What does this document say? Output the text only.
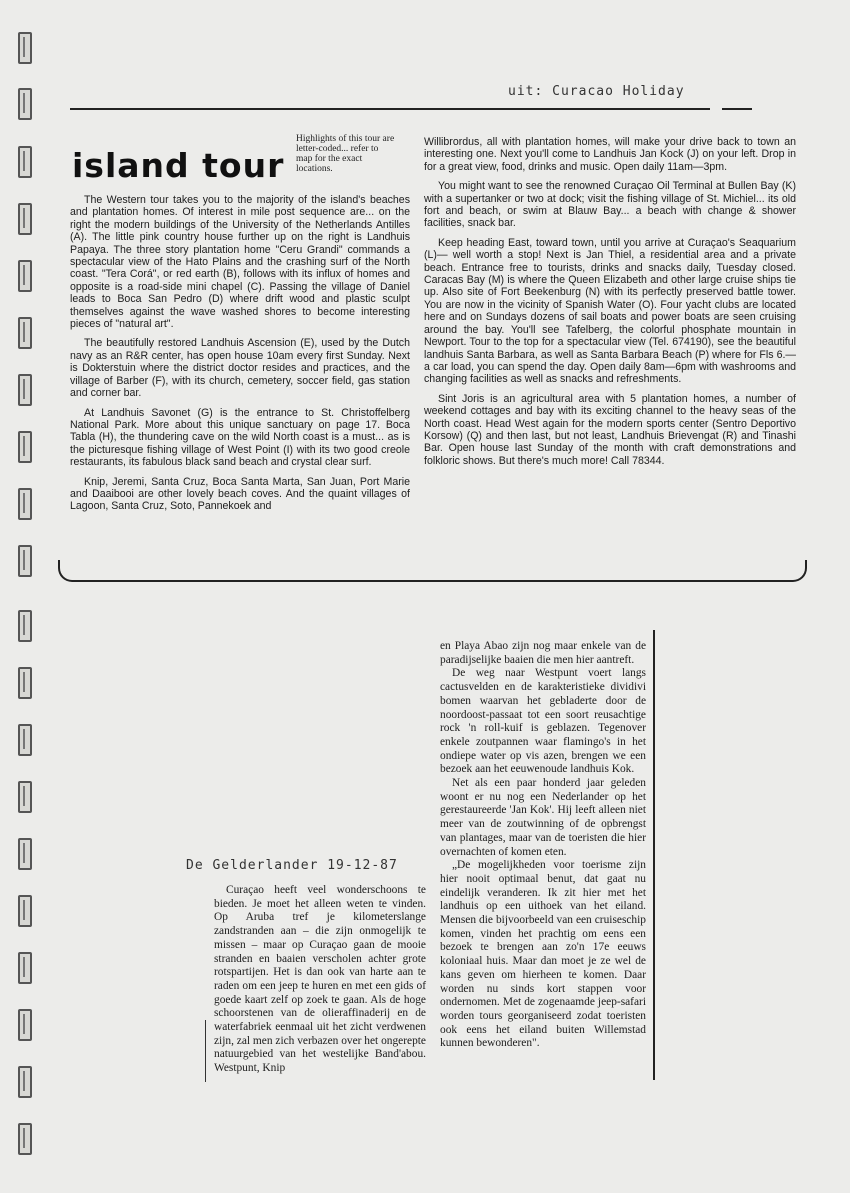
uit: Curacao Holiday
island tour
Highlights of this tour are letter-coded... refer to map for the exact locations.

The Western tour takes you to the majority of the island's beaches and plantation homes. Of interest in mile post sequence are... on the right the modern buildings of the University of the Netherlands Antilles (A). The little pink country house further up on the right is Landhuis Papaya. The three story plantation home "Ceru Grandi" commands a spectacular view of the Hato Plains and the crashing surf of the North coast. "Tera Corá", or red earth (B), follows with its influx of homes and opposite is a road-side mini chapel (C). Passing the village of Daniel leads to Boca San Pedro (D) where drift wood and plastic sculpt themselves against the wave washed shores to become interesting pieces of "natural art".

The beautifully restored Landhuis Ascension (E), used by the Dutch navy as an R&R center, has open house 10am every first Sunday. Next is Dokterstuin where the district doctor resides and practices, and the village of Barber (F), with its church, cemetery, soccer field, gas station and corner bar.

At Landhuis Savonet (G) is the entrance to St. Christoffelberg National Park. More about this unique sanctuary on page 17. Boca Tabla (H), the thundering cave on the wild North coast is a must... as is the picturesque fishing village of West Point (I) with its two good creole restaurants, its fabulous black sand beach and crystal clear surf.

Knip, Jeremi, Santa Cruz, Boca Santa Marta, San Juan, Port Marie and Daaibooi are other lovely beach coves. And the quaint villages of Lagoon, Santa Cruz, Soto, Pannekoek and

Willibrordus, all with plantation homes, will make your drive back to town an interesting one. Next you'll come to Landhuis Jan Kock (J) on your left. Drop in for a great view, food, drinks and music. Open daily 11am—3pm.

You might want to see the renowned Curaçao Oil Terminal at Bullen Bay (K) with a supertanker or two at dock; visit the fishing village of St. Michiel... its old fort and beach, or swim at Blauw Bay... a beach with change & shower facilities, snack bar.

Keep heading East, toward town, until you arrive at Curaçao's Seaquarium (L)— well worth a stop! Next is Jan Thiel, a residential area and a private beach. Entrance free to tourists, drinks and snacks daily, Tuesday closed. Caracas Bay (M) is where the Queen Elizabeth and other large cruise ships tie up. Also site of Fort Beekenburg (N) with its perfectly preserved battle tower. You are now in the vicinity of Spanish Water (O). Four yacht clubs are located here and on Sundays dozens of sail boats and power boats are seen cruising around the bay. You'll see Tafelberg, the colorful phosphate mountain in Newport. Tour to the top for a spectacular view (Tel. 674190), see the beautiful landhuis Santa Barbara, as well as Santa Barbara Beach (P) where for Fls 6.— a car load, you can spend the day. Open daily 8am—6pm with washrooms and changing facilities as well as snacks and refreshments.

Sint Joris is an agricultural area with 5 plantation homes, a number of weekend cottages and bay with its exciting channel to the heavy seas of the North coast. Head West again for the modern sports center (Sentro Deportivo Korsow) (Q) and then last, but not least, Landhuis Brievengat (R) and Tinashi Bar. Open house last Sunday of the month with craft demonstrations and folkloric shows. But there's much more! Call 78344.

De Gelderlander 19-12-87

Curaçao heeft veel wonderschoons te bieden. Je moet het alleen weten te vinden. Op Aruba tref je kilometerslange zandstranden aan – die zijn onmogelijk te missen – maar op Curaçao gaan de mooie stranden en baaien verscholen achter grote rotspartijen. Het is dan ook van harte aan te raden om een jeep te huren en met een gids of goede kaart zelf op zoek te gaan. Als de hoge schoorstenen van de olieraffinaderij en de waterfabriek eenmaal uit het zicht verdwenen zijn, zal men zich verbazen over het ongerepte natuurgebied van het westelijke Band'abou. Westpunt, Knip

en Playa Abao zijn nog maar enkele van de paradijselijke baaien die men hier aantreft.

De weg naar Westpunt voert langs cactusvelden en de karakteristieke dividivi bomen waarvan het gebladerte door de noordoost-passaat tot een soort reusachtige rock 'n roll-kuif is geblazen. Tegenover enkele zoutpannen waar flamingo's in het ondiepe water op vis azen, brengen we een bezoek aan het eeuwenoude landhuis Kok.

Net als een paar honderd jaar geleden woont er nu nog een Nederlander op het gerestaureerde 'Jan Kok'. Hij leeft alleen niet meer van de zoutwinning of de opbrengst van plantages, maar van de toeristen die hier overnachten of komen eten.

„De mogelijkheden voor toerisme zijn hier nooit optimaal benut, dat gaat nu eindelijk veranderen. Ik zit hier met het landhuis op een uithoek van het eiland. Mensen die bijvoorbeeld van een cruiseschip komen, vinden het prachtig om eens een bezoek te brengen aan zo'n 17e eeuws koloniaal huis. Maar dan moet je ze wel de kans geven om hierheen te komen. Daar worden nu sinds kort stappen voor ondernomen. Met de zogenaamde jeep-safari worden tours georganiseerd zodat toeristen ook eens het eiland buiten Willemstad kunnen bewonderen".
